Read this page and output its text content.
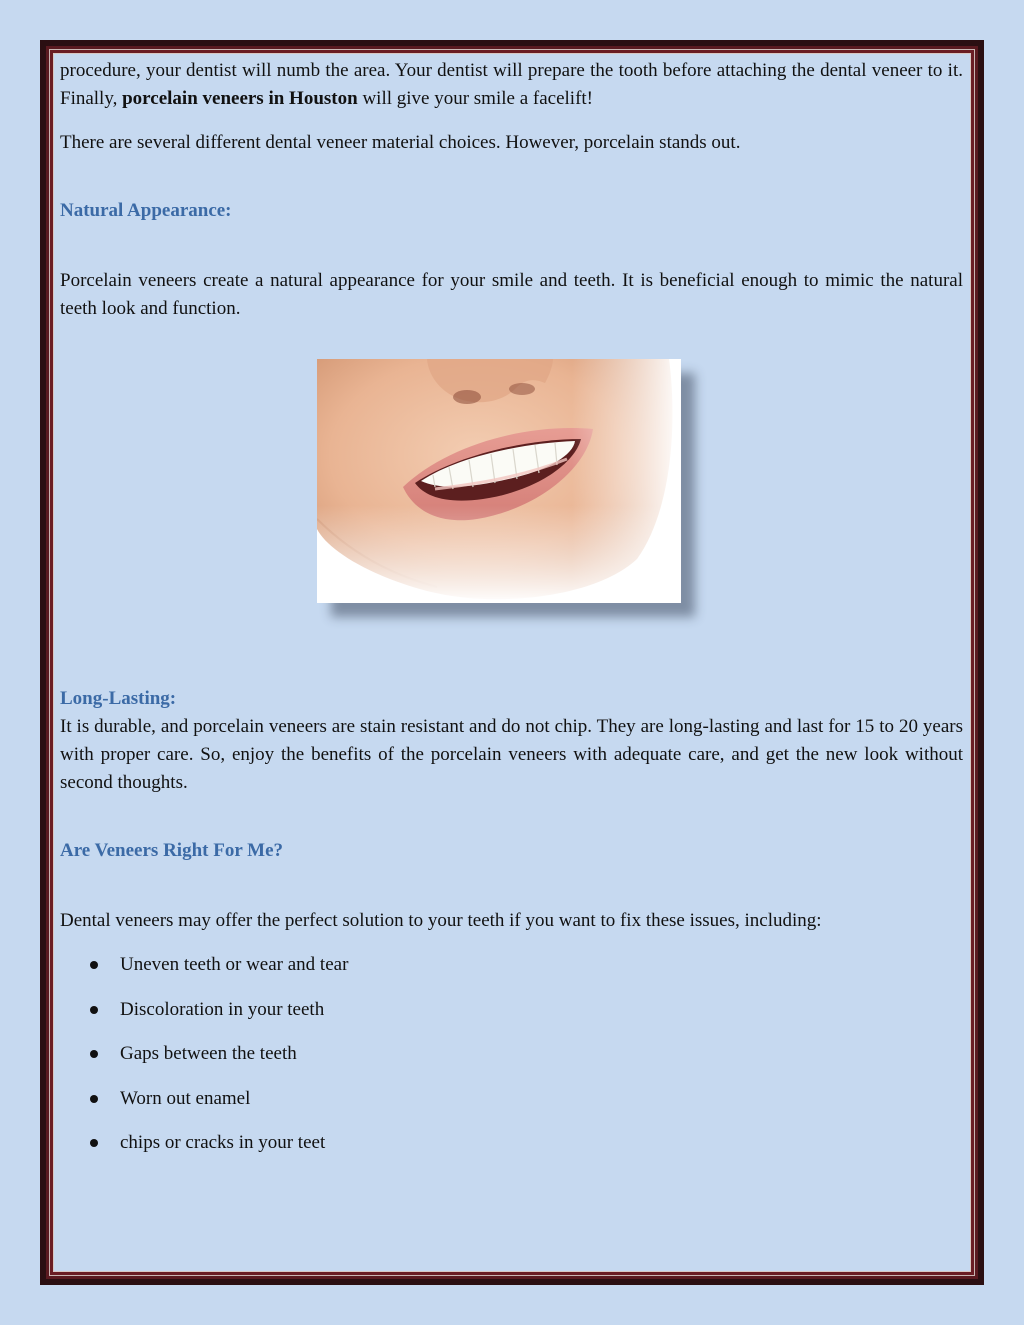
procedure, your dentist will numb the area. Your dentist will prepare the tooth before attaching the dental veneer to it. Finally, porcelain veneers in Houston will give your smile a facelift!

There are several different dental veneer material choices. However, porcelain stands out.

Natural Appearance:

Porcelain veneers create a natural appearance for your smile and teeth. It is beneficial enough to mimic the natural teeth look and function.

Long-Lasting:

It is durable, and porcelain veneers are stain resistant and do not chip. They are long-lasting and last for 15 to 20 years with proper care. So, enjoy the benefits of the porcelain veneers with adequate care, and get the new look without second thoughts.

Are Veneers Right For Me?

Dental veneers may offer the perfect solution to your teeth if you want to fix these issues, including:

Uneven teeth or wear and tear
Discoloration in your teeth
Gaps between the teeth
Worn out enamel
chips or cracks in your teet
